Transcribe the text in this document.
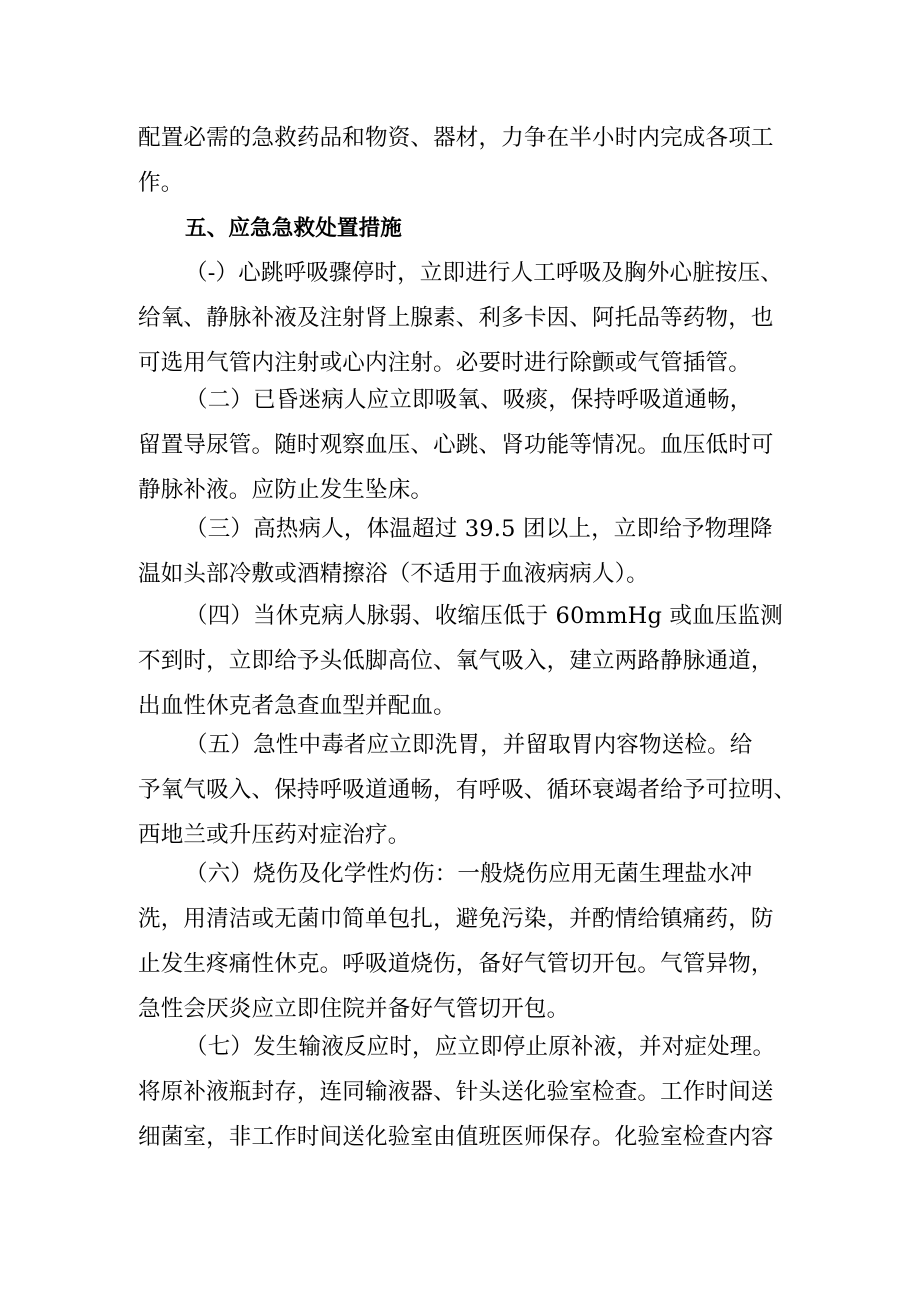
配置必需的急救药品和物资、器材，力争在半小时内完成各项工
作。
五、应急急救处置措施
（-）心跳呼吸骤停时，立即进行人工呼吸及胸外心脏按压、
给氧、静脉补液及注射肾上腺素、利多卡因、阿托品等药物，也
可选用气管内注射或心内注射。必要时进行除颤或气管插管。
（二）已昏迷病人应立即吸氧、吸痰，保持呼吸道通畅，
留置导尿管。随时观察血压、心跳、肾功能等情况。血压低时可
静脉补液。应防止发生坠床。
（三）高热病人，体温超过 39.5 团以上，立即给予物理降
温如头部冷敷或酒精擦浴（不适用于血液病病人）。
（四）当休克病人脉弱、收缩压低于 60mmHg 或血压监测
不到时，立即给予头低脚高位、氧气吸入，建立两路静脉通道，
出血性休克者急查血型并配血。
（五）急性中毒者应立即洗胃，并留取胃内容物送检。给
予氧气吸入、保持呼吸道通畅，有呼吸、循环衰竭者给予可拉明、
西地兰或升压药对症治疗。
（六）烧伤及化学性灼伤：一般烧伤应用无菌生理盐水冲
洗，用清洁或无菌巾简单包扎，避免污染，并酌情给镇痛药，防
止发生疼痛性休克。呼吸道烧伤，备好气管切开包。气管异物，
急性会厌炎应立即住院并备好气管切开包。
（七）发生输液反应时，应立即停止原补液，并对症处理。
将原补液瓶封存，连同输液器、针头送化验室检查。工作时间送
细菌室，非工作时间送化验室由值班医师保存。化验室检查内容
